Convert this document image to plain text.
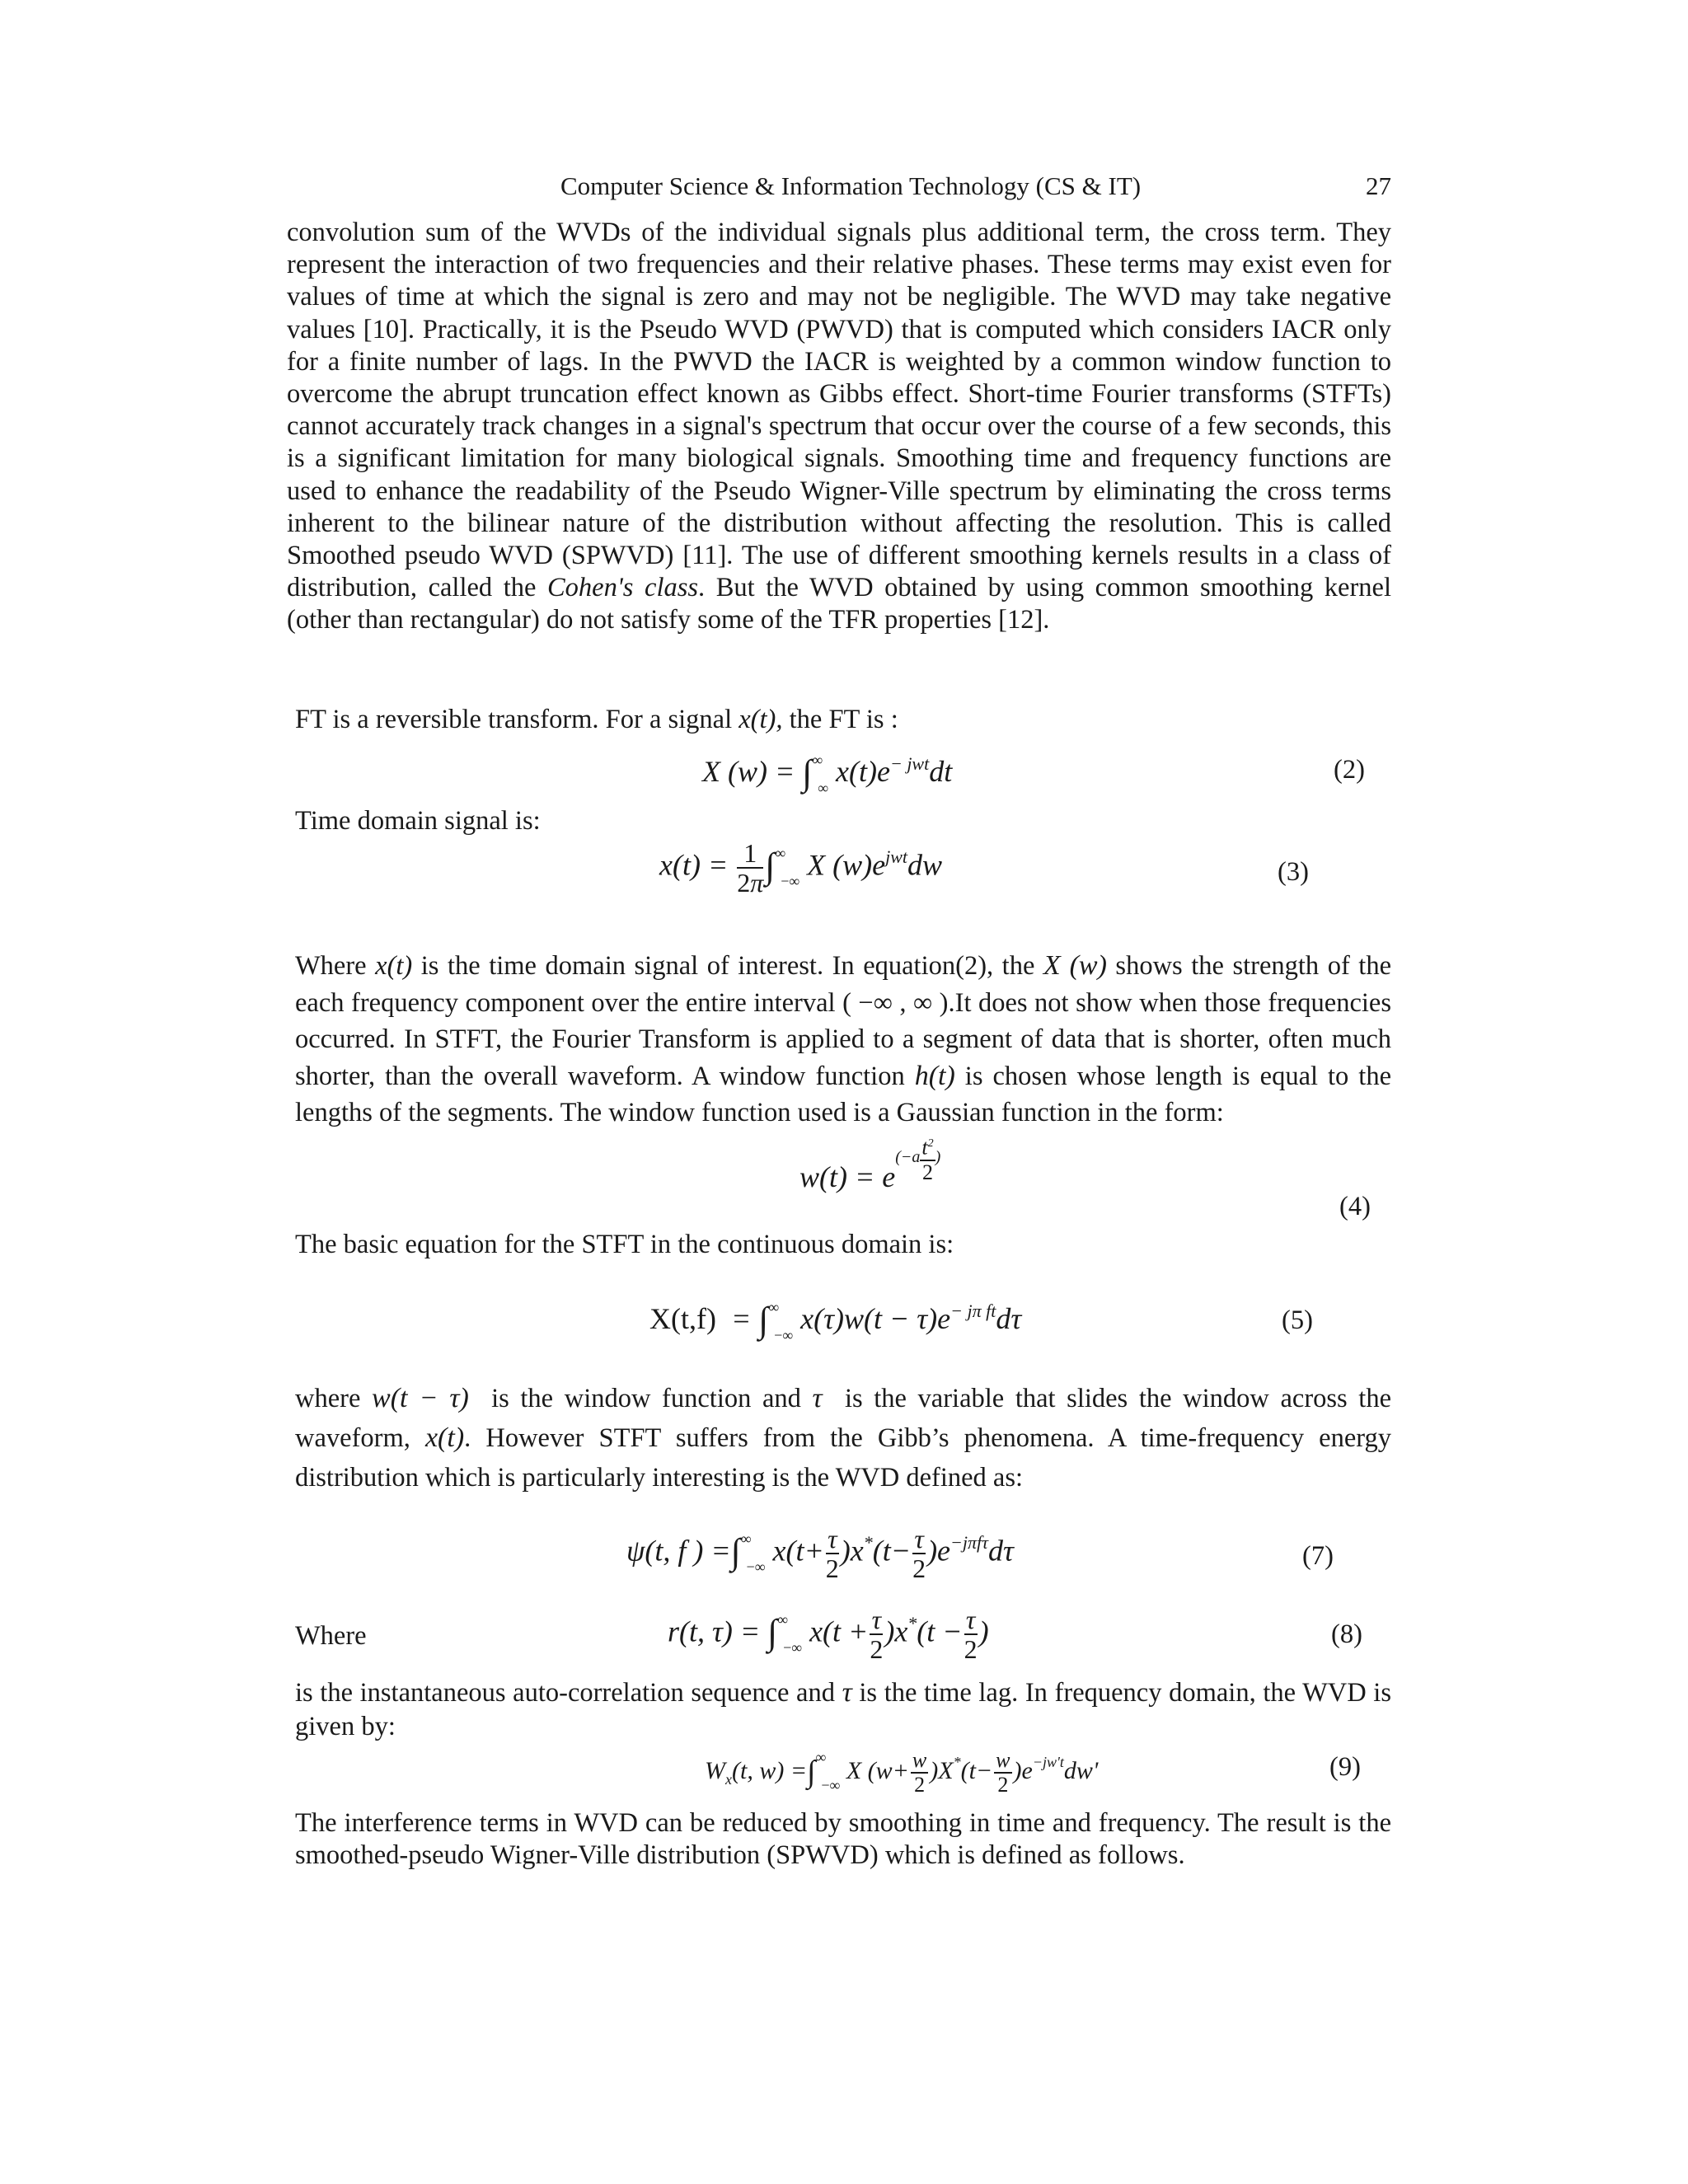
Computer Science & Information Technology (CS & IT)	27

convolution sum of the WVDs of the individual signals plus additional term, the cross term. They represent the interaction of two frequencies and their relative phases. These terms may exist even for values of time at which the signal is zero and may not be negligible. The WVD may take negative values [10]. Practically, it is the Pseudo WVD (PWVD) that is computed which considers IACR only for a finite number of lags. In the PWVD the IACR is weighted by a common window function to overcome the abrupt truncation effect known as Gibbs effect. Short-time Fourier transforms (STFTs) cannot accurately track changes in a signal's spectrum that occur over the course of a few seconds, this is a significant limitation for many biological signals. Smoothing time and frequency functions are used to enhance the readability of the Pseudo Wigner-Ville spectrum by eliminating the cross terms inherent to the bilinear nature of the distribution without affecting the resolution. This is called Smoothed pseudo WVD (SPWVD) [11]. The use of different smoothing kernels results in a class of distribution, called the Cohen's class. But the WVD obtained by using common smoothing kernel (other than rectangular) do not satisfy some of the TFR properties [12].

FT is a reversible transform. For a signal x(t), the FT is :
X $(w) = \int^\infty_\infty$ $x(t)e^{- jwt}dt$	(2)
Time domain signal is:
$x(t) = \frac{1}{2\pi} \int^\infty_{-\infty}$ X $(w)e^{jwt}dw$	(3)

Where x(t) is the time domain signal of interest. In equation(2), the X (w) shows the strength of the each frequency component over the entire interval ( −∞ , ∞ ).It does not show when those frequencies occurred. In STFT, the Fourier Transform is applied to a segment of data that is shorter, often much shorter, than the overall waveform. A window function h(t) is chosen whose length is equal to the lengths of the segments. The window function used is a Gaussian function in the form:

$w(t) = e^{(-a \frac{t^2}{2} )}$
(4)
The basic equation for the STFT in the continuous domain is:
$X(t,f) = \int^\infty_{-\infty}$ $x(\tau)w(t - \tau)e^{- j\pi ft}d\tau$	(5)

where w(t − τ)  is the window function and τ  is the variable that slides the window across the waveform, x(t). However STFT suffers from the Gibb’s phenomena. A time-frequency energy distribution which is particularly interesting is the WVD defined as:

ψ(t, f ) $=\int^\infty_{-\infty}$ $x(t+ \frac{\tau}{2} )x^*(t- \frac{\tau}{2} )e^{-j\pi f\tau}d\tau$	(7)
Where	r(t, $\tau) = \int^\infty_{-\infty}$ $x(t + \frac{\tau}{2} )x^*(t - \frac{\tau}{2}$ )	(8)

is the instantaneous auto-correlation sequence and τ is the time lag. In frequency domain, the WVD is given by:

$W_x(t$, $w) =\int^\infty_{-\infty}$ X $(w+ \frac{w}{2} )X^*(t- \frac{w}{2} )e^{-jw't}dw'$	(9)

The interference terms in WVD can be reduced by smoothing in time and frequency. The result is the smoothed-pseudo Wigner-Ville distribution (SPWVD) which is defined as follows.
